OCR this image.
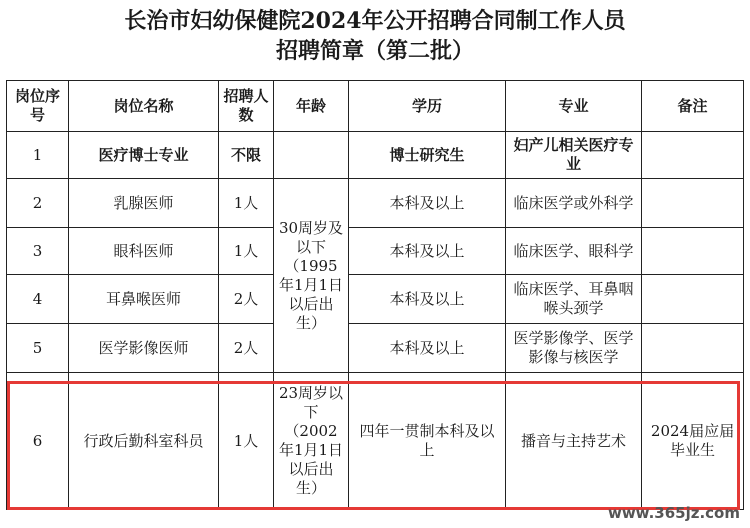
长治市妇幼保健院2024年公开招聘合同制工作人员
招聘简章（第二批）
岗位序号	岗位名称	招聘人数	年龄	学历	专业	备注
1	医疗博士专业	不限		博士研究生	妇产儿相关医疗专业	
2	乳腺医师	1人	30周岁及以下（1995年1月1日以后出生）	本科及以上	临床医学或外科学	
3	眼科医师	1人		本科及以上	临床医学、眼科学	
4	耳鼻喉医师	2人		本科及以上	临床医学、耳鼻咽喉头颈学	
5	医学影像医师	2人		本科及以上	医学影像学、医学影像与核医学	
6	行政后勤科室科员	1人	23周岁以下（2002年1月1日以后出生）	四年一贯制本科及以上	播音与主持艺术	2024届应届毕业生
www.365jz.com
